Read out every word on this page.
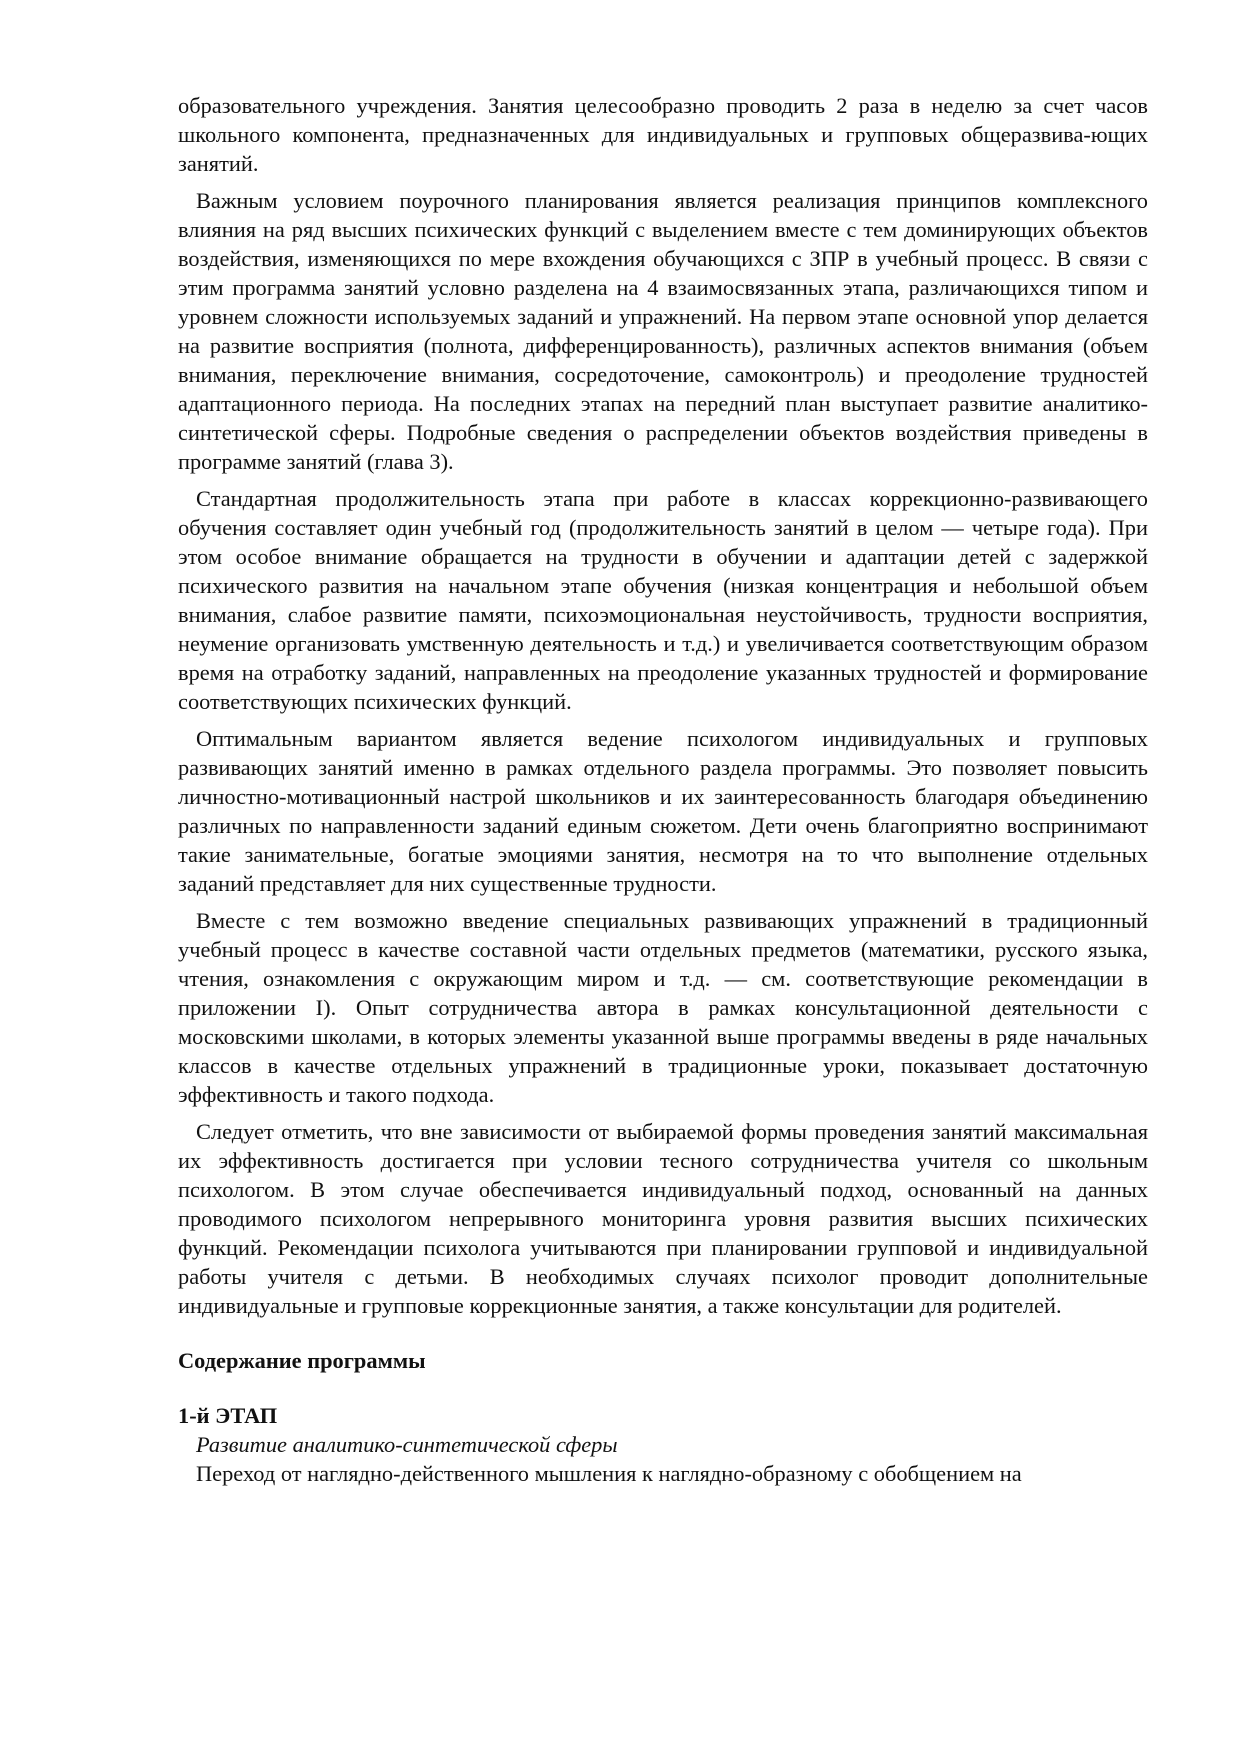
образовательного учреждения. Занятия целесообразно проводить 2 раза в неделю за счет часов школьного компонента, предназначенных для индивидуальных и групповых общеразвива-ющих занятий.

Важным условием поурочного планирования является реализация принципов комплексного влияния на ряд высших психических функций с выделением вместе с тем доминирующих объектов воздействия, изменяющихся по мере вхождения обучающихся с ЗПР в учебный процесс. В связи с этим программа занятий условно разделена на 4 взаимосвязанных этапа, различающихся типом и уровнем сложности используемых заданий и упражнений. На первом этапе основной упор делается на развитие восприятия (полнота, дифференцированность), различных аспектов внимания (объем внимания, переключение внимания, сосредоточение, самоконтроль) и преодоление трудностей адаптационного периода. На последних этапах на передний план выступает развитие аналитико-синтетической сферы. Подробные сведения о распределении объектов воздействия приведены в программе занятий (глава 3).

Стандартная продолжительность этапа при работе в классах коррекционно-развивающего обучения составляет один учебный год (продолжительность занятий в целом — четыре года). При этом особое внимание обращается на трудности в обучении и адаптации детей с задержкой психического развития на начальном этапе обучения (низкая концентрация и небольшой объем внимания, слабое развитие памяти, психоэмоциональная неустойчивость, трудности восприятия, неумение организовать умственную деятельность и т.д.) и увеличивается соответствующим образом время на отработку заданий, направленных на преодоление указанных трудностей и формирование соответствующих психических функций.

Оптимальным вариантом является ведение психологом индивидуальных и групповых развивающих занятий именно в рамках отдельного раздела программы. Это позволяет повысить личностно-мотивационный настрой школьников и их заинтересованность благодаря объединению различных по направленности заданий единым сюжетом. Дети очень благоприятно воспринимают такие занимательные, богатые эмоциями занятия, несмотря на то что выполнение отдельных заданий представляет для них существенные трудности.

Вместе с тем возможно введение специальных развивающих упражнений в традиционный учебный процесс в качестве составной части отдельных предметов (математики, русского языка, чтения, ознакомления с окружающим миром и т.д. — см. соответствующие рекомендации в приложении I). Опыт сотрудничества автора в рамках консультационной деятельности с московскими школами, в которых элементы указанной выше программы введены в ряде начальных классов в качестве отдельных упражнений в традиционные уроки, показывает достаточную эффективность и такого подхода.

Следует отметить, что вне зависимости от выбираемой формы проведения занятий максимальная их эффективность достигается при условии тесного сотрудничества учителя со школьным психологом. В этом случае обеспечивается индивидуальный подход, основанный на данных проводимого психологом непрерывного мониторинга уровня развития высших психических функций. Рекомендации психолога учитываются при планировании групповой и индивидуальной работы учителя с детьми. В необходимых случаях психолог проводит дополнительные индивидуальные и групповые коррекционные занятия, а также консультации для родителей.

Содержание программы

1-й ЭТАП

Развитие аналитико-синтетической сферы

Переход от наглядно-действенного мышления к наглядно-образному с обобщением на
